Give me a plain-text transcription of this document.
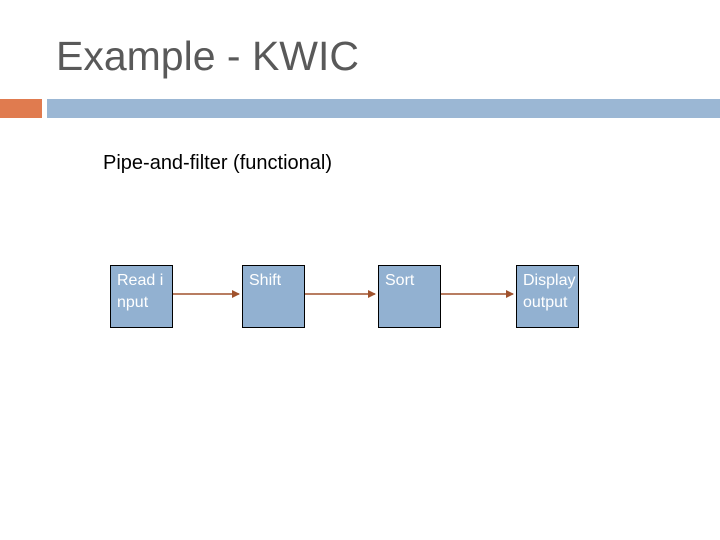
Example - KWIC
Pipe-and-filter (functional)
Read input
Shift	Sort	Display output
